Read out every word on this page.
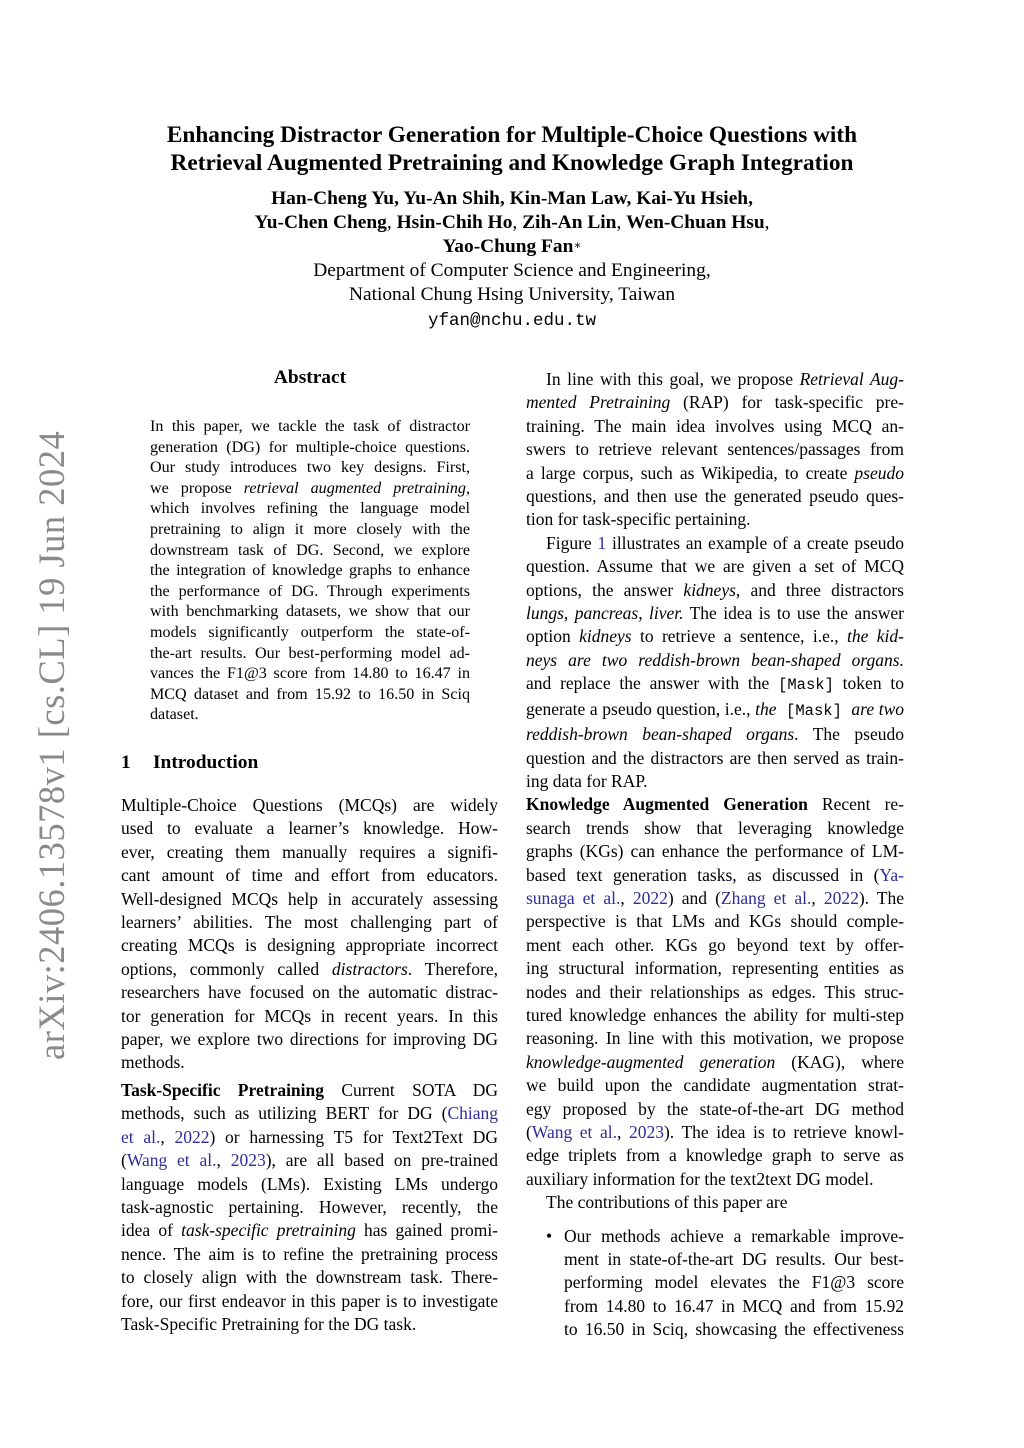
arXiv:2406.13578v1 [cs.CL] 19 Jun 2024
Enhancing Distractor Generation for Multiple-Choice Questions with
Retrieval Augmented Pretraining and Knowledge Graph Integration
Han-Cheng Yu, Yu-An Shih, Kin-Man Law, Kai-Yu Hsieh,
Yu-Chen Cheng, Hsin-Chih Ho, Zih-An Lin, Wen-Chuan Hsu,
Yao-Chung Fan∗
Department of Computer Science and Engineering,
National Chung Hsing University, Taiwan
yfan@nchu.edu.tw
Abstract
In this paper, we tackle the task of distractor
generation (DG) for multiple-choice questions.
Our study introduces two key designs. First,
we propose retrieval augmented pretraining,
which involves refining the language model
pretraining to align it more closely with the
downstream task of DG. Second, we explore
the integration of knowledge graphs to enhance
the performance of DG. Through experiments
with benchmarking datasets, we show that our
models significantly outperform the state-of-
the-art results. Our best-performing model ad-
vances the F1@3 score from 14.80 to 16.47 in
MCQ dataset and from 15.92 to 16.50 in Sciq
dataset.
1 Introduction
Multiple-Choice Questions (MCQs) are widely
used to evaluate a learner’s knowledge. How-
ever, creating them manually requires a signifi-
cant amount of time and effort from educators.
Well-designed MCQs help in accurately assessing
learners’ abilities. The most challenging part of
creating MCQs is designing appropriate incorrect
options, commonly called distractors. Therefore,
researchers have focused on the automatic distrac-
tor generation for MCQs in recent years. In this
paper, we explore two directions for improving DG
methods.
Task-Specific Pretraining Current SOTA DG
methods, such as utilizing BERT for DG (Chiang
et al., 2022) or harnessing T5 for Text2Text DG
(Wang et al., 2023), are all based on pre-trained
language models (LMs). Existing LMs undergo
task-agnostic pertaining. However, recently, the
idea of task-specific pretraining has gained promi-
nence. The aim is to refine the pretraining process
to closely align with the downstream task. There-
fore, our first endeavor in this paper is to investigate
Task-Specific Pretraining for the DG task.
In line with this goal, we propose Retrieval Aug-
mented Pretraining (RAP) for task-specific pre-
training. The main idea involves using MCQ an-
swers to retrieve relevant sentences/passages from
a large corpus, such as Wikipedia, to create pseudo
questions, and then use the generated pseudo ques-
tion for task-specific pertaining.
Figure 1 illustrates an example of a create pseudo
question. Assume that we are given a set of MCQ
options, the answer kidneys, and three distractors
lungs, pancreas, liver. The idea is to use the answer
option kidneys to retrieve a sentence, i.e., the kid-
neys are two reddish-brown bean-shaped organs.
and replace the answer with the [Mask] token to
generate a pseudo question, i.e., the [Mask] are two
reddish-brown bean-shaped organs. The pseudo
question and the distractors are then served as train-
ing data for RAP.
Knowledge Augmented Generation Recent re-
search trends show that leveraging knowledge
graphs (KGs) can enhance the performance of LM-
based text generation tasks, as discussed in (Ya-
sunaga et al., 2022) and (Zhang et al., 2022). The
perspective is that LMs and KGs should comple-
ment each other. KGs go beyond text by offer-
ing structural information, representing entities as
nodes and their relationships as edges. This struc-
tured knowledge enhances the ability for multi-step
reasoning. In line with this motivation, we propose
knowledge-augmented generation (KAG), where
we build upon the candidate augmentation strat-
egy proposed by the state-of-the-art DG method
(Wang et al., 2023). The idea is to retrieve knowl-
edge triplets from a knowledge graph to serve as
auxiliary information for the text2text DG model.
The contributions of this paper are
• Our methods achieve a remarkable improve-
ment in state-of-the-art DG results. Our best-
performing model elevates the F1@3 score
from 14.80 to 16.47 in MCQ and from 15.92
to 16.50 in Sciq, showcasing the effectiveness
